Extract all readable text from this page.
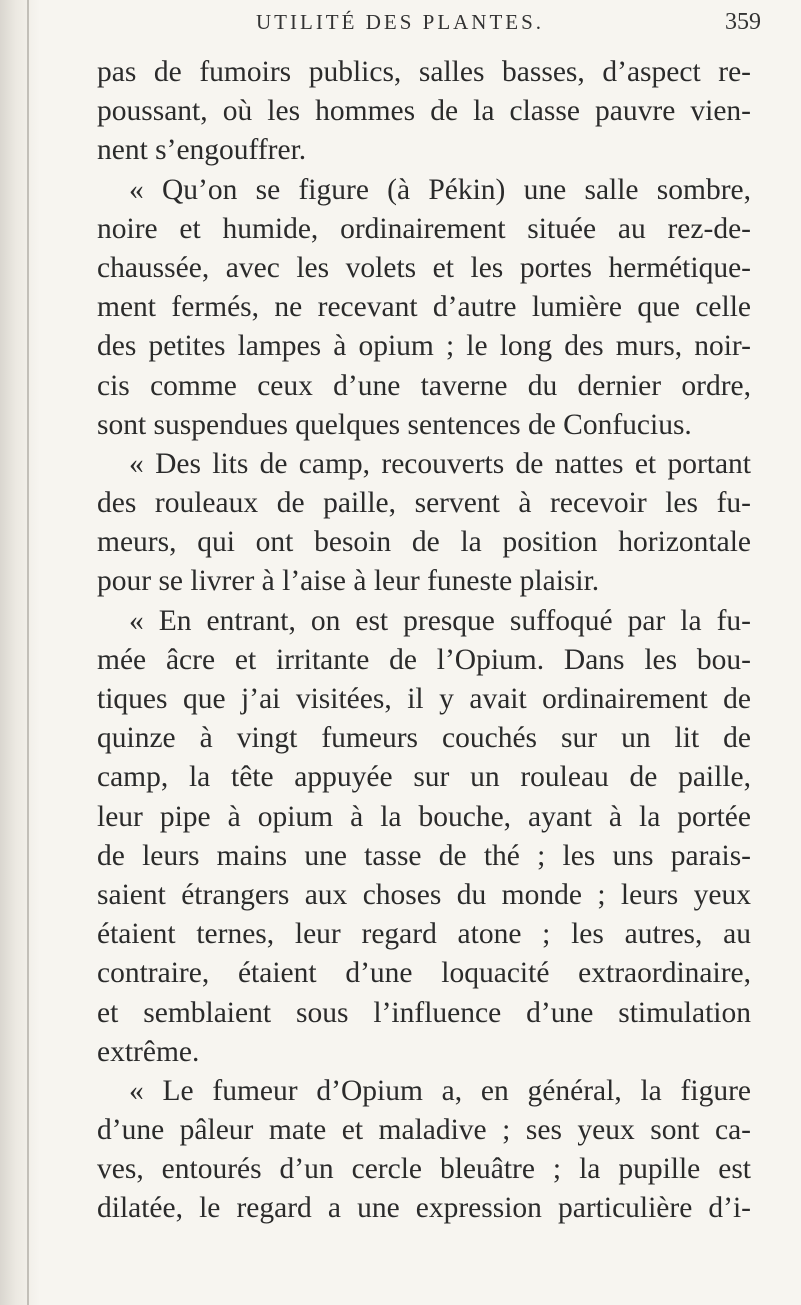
UTILITÉ DES PLANTES.	359
pas de fumoirs publics, salles basses, d’aspect re-
poussant, où les hommes de la classe pauvre vien-
nent s’engouffrer.
« Qu’on se figure (à Pékin) une salle sombre,
noire et humide, ordinairement située au rez-de-
chaussée, avec les volets et les portes hermétique-
ment fermés, ne recevant d’autre lumière que celle
des petites lampes à opium ; le long des murs, noir-
cis comme ceux d’une taverne du dernier ordre,
sont suspendues quelques sentences de Confucius.
« Des lits de camp, recouverts de nattes et portant
des rouleaux de paille, servent à recevoir les fu-
meurs, qui ont besoin de la position horizontale
pour se livrer à l’aise à leur funeste plaisir.
« En entrant, on est presque suffoqué par la fu-
mée âcre et irritante de l’Opium. Dans les bou-
tiques que j’ai visitées, il y avait ordinairement de
quinze à vingt fumeurs couchés sur un lit de
camp, la tête appuyée sur un rouleau de paille,
leur pipe à opium à la bouche, ayant à la portée
de leurs mains une tasse de thé ; les uns parais-
saient étrangers aux choses du monde ; leurs yeux
étaient ternes, leur regard atone ; les autres, au
contraire, étaient d’une loquacité extraordinaire,
et semblaient sous l’influence d’une stimulation
extrême.
« Le fumeur d’Opium a, en général, la figure
d’une pâleur mate et maladive ; ses yeux sont ca-
ves, entourés d’un cercle bleuâtre ; la pupille est
dilatée, le regard a une expression particulière d’i-
